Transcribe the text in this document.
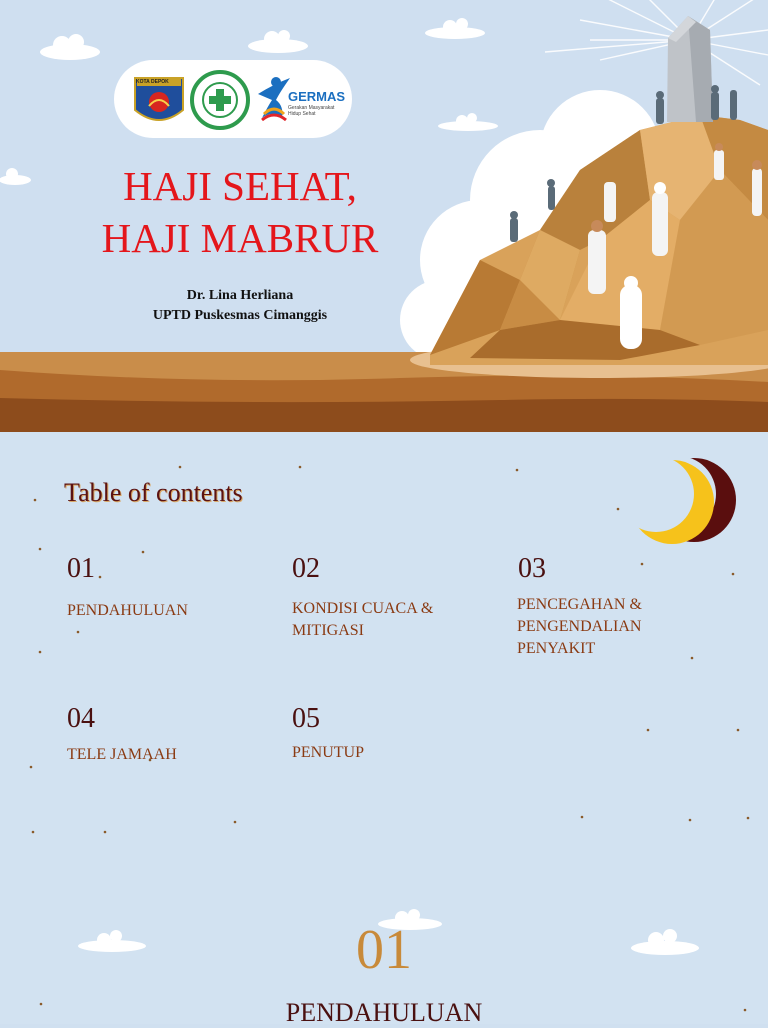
KOTA DEPOK
GERMAS
Gerakan Masyarakat
Hidup Sehat
HAJI SEHAT,
HAJI MABRUR
Dr. Lina Herliana
UPTD Puskesmas Cimanggis
Table of contents
01
PENDAHULUAN
02
KONDISI CUACA &
MITIGASI
03
PENCEGAHAN &
PENGENDALIAN
PENYAKIT
04
TELE JAMAAH
05
PENUTUP
01
PENDAHULUAN
